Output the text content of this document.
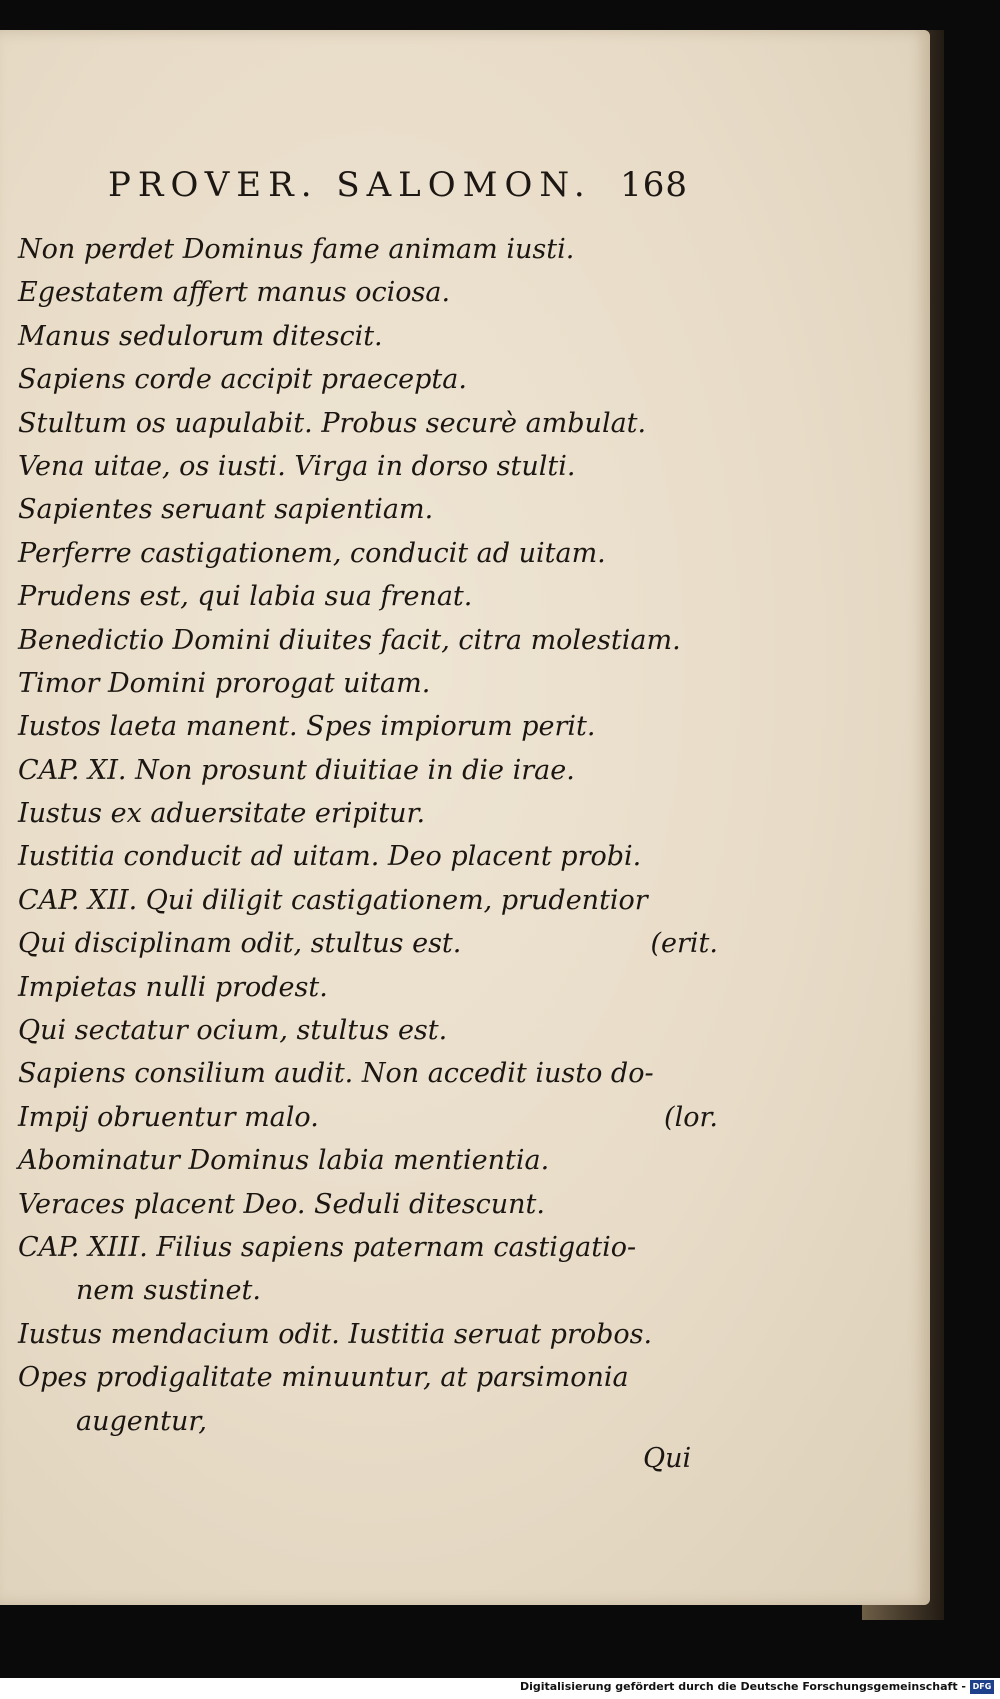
PROVER. SALOMON. 168
Non perdet Dominus fame animam iusti.
Egestatem affert manus ociosa.
Manus sedulorum ditescit.
Sapiens corde accipit praecepta.
Stultum os uapulabit. Probus securè ambulat.
Vena uitae, os iusti. Virga in dorso stulti.
Sapientes seruant sapientiam.
Perferre castigationem, conducit ad uitam.
Prudens est, qui labia sua frenat.
Benedictio Domini diuites facit, citra molestiam.
Timor Domini prorogat uitam.
Iustos laeta manent. Spes impiorum perit.
CAP. XI. Non prosunt diuitiae in die irae.
Iustus ex aduersitate eripitur.
Iustitia conducit ad uitam. Deo placent probi.
CAP. XII. Qui diligit castigationem, prudentior
Qui disciplinam odit, stultus est.	(erit.
Impietas nulli prodest.
Qui sectatur ocium, stultus est.
Sapiens consilium audit. Non accedit iusto do-
Impij obruentur malo.	(lor.
Abominatur Dominus labia mentientia.
Veraces placent Deo. Seduli ditescunt.
CAP. XIII. Filius sapiens paternam castigatio-
nem sustinet.
Iustus mendacium odit. Iustitia seruat probos.
Opes prodigalitate minuuntur, at parsimonia
augentur,
Qui
Digitalisierung gefördert durch die Deutsche Forschungsgemeinschaft - DFG
